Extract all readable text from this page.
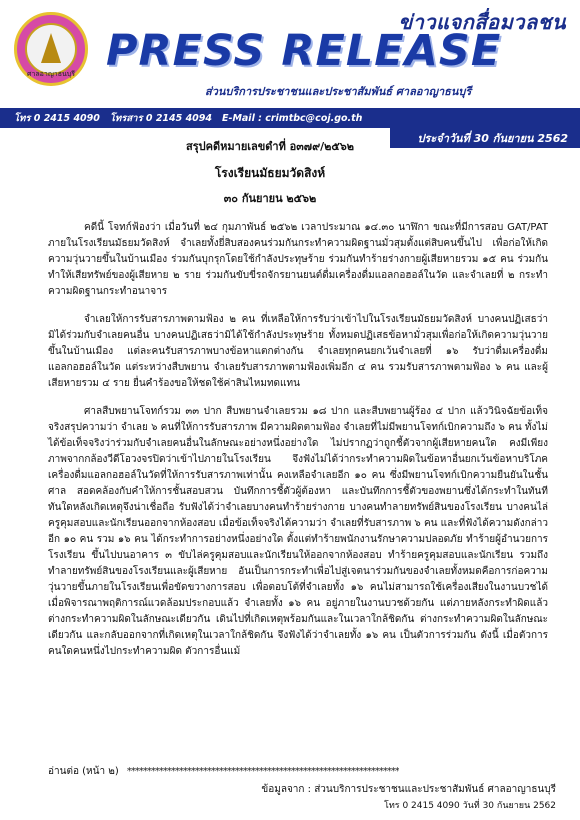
ศาลอาญาธนบุรี
ข่าวแจกสื่อมวลชน
PRESS RELEASE
ส่วนบริการประชาชนและประชาสัมพันธ์ ศาลอาญาธนบุรี
โทร 0 2415 4090 โทรสาร 0 2145 4094 E-Mail : crimtbc@coj.go.th
ประจำวันที่ 30 กันยายน 2562
สรุปคดีหมายเลขดำที่ อ๓๗๙/๒๕๖๒
โรงเรียนมัธยมวัดสิงห์
๓๐ กันยายน ๒๕๖๒

คดีนี้ โจทก์ฟ้องว่า เมื่อวันที่ ๒๔ กุมภาพันธ์ ๒๕๖๒ เวลาประมาณ ๑๔.๓๐ นาฬิกา ขณะที่มีการสอบ GAT/PAT ภายในโรงเรียนมัธยมวัดสิงห์ จำเลยทั้งยี่สิบสองคนร่วมกันกระทำความผิดฐานมั่วสุมตั้งแต่สิบคนขึ้นไป เพื่อก่อให้เกิดความวุ่นวายขึ้นในบ้านเมือง ร่วมกันบุกรุกโดยใช้กำลังประทุษร้าย ร่วมกันทำร้ายร่างกายผู้เสียหายรวม ๑๕ คน ร่วมกันทำให้เสียทรัพย์ของผู้เสียหาย ๒ ราย ร่วมกันขับขี่รถจักรยานยนต์ดื่มเครื่องดื่มแอลกอฮอล์ในวัด และจำเลยที่ ๒ กระทำความผิดฐานกระทำอนาจาร

จำเลยให้การรับสารภาพตามฟ้อง ๒ คน ที่เหลือให้การรับว่าเข้าไปในโรงเรียนมัธยมวัดสิงห์ บางคนปฏิเสธว่ามิได้ร่วมกับจำเลยคนอื่น บางคนปฏิเสธว่ามิได้ใช้กำลังประทุษร้าย ทั้งหมดปฏิเสธข้อหามั่วสุมเพื่อก่อให้เกิดความวุ่นวายขึ้นในบ้านเมือง แต่ละคนรับสารภาพบางข้อหาแตกต่างกัน จำเลยทุกคนยกเว้นจำเลยที่ ๑๖ รับว่าดื่มเครื่องดื่มแอลกอฮอล์ในวัด แต่ระหว่างสืบพยาน จำเลยรับสารภาพตามฟ้องเพิ่มอีก ๔ คน รวมรับสารภาพตามฟ้อง ๖ คน และผู้เสียหายรวม ๔ ราย ยื่นคำร้องขอให้ชดใช้ค่าสินไหมทดแทน

ศาลสืบพยานโจทก์รวม ๓๓ ปาก สืบพยานจำเลยรวม ๑๘ ปาก และสืบพยานผู้ร้อง ๔ ปาก แล้ววินิจฉัยข้อเท็จจริงสรุปความว่า จำเลย ๖ คนที่ให้การรับสารภาพ มีความผิดตามฟ้อง จำเลยที่ไม่มีพยานโจทก์เบิกความถึง ๖ คน ทั้งไม่ได้ข้อเท็จจริงว่าร่วมกับจำเลยคนอื่นในลักษณะอย่างหนึ่งอย่างใด ไม่ปรากฏว่าถูกชี้ตัวจากผู้เสียหายคนใด คงมีเพียงภาพจากกล้องวีดีโอวงจรปิดว่าเข้าไปภายในโรงเรียน จึงฟังไม่ได้ว่ากระทำความผิดในข้อหาอื่นยกเว้นข้อหาบริโภคเครื่องดื่มแอลกอฮอล์ในวัดที่ให้การรับสารภาพเท่านั้น คงเหลือจำเลยอีก ๑๐ คน ซึ่งมีพยานโจทก์เบิกความยืนยันในชั้นศาล สอดคล้องกับคำให้การชั้นสอบสวน บันทึกการชี้ตัวผู้ต้องหา และบันทึกการชี้ตัวของพยานซึ่งได้กระทำในทันทีทันใดหลังเกิดเหตุจึงน่าเชื่อถือ รับฟังได้ว่าจำเลยบางคนทำร้ายร่างกาย บางคนทำลายทรัพย์สินของโรงเรียน บางคนไล่ครูคุมสอบและนักเรียนออกจากห้องสอบ เมื่อข้อเท็จจริงได้ความว่า จำเลยที่รับสารภาพ ๖ คน และที่ฟังได้ความดังกล่าวอีก ๑๐ คน รวม ๑๖ คน ได้กระทำการอย่างหนึ่งอย่างใด ตั้งแต่ทำร้ายพนักงานรักษาความปลอดภัย ทำร้ายผู้อำนวยการโรงเรียน ขึ้นไปบนอาคาร ๓ ขับไล่ครูคุมสอบและนักเรียนให้ออกจากห้องสอบ ทำร้ายครูคุมสอบและนักเรียน รวมถึงทำลายทรัพย์สินของโรงเรียนและผู้เสียหาย อันเป็นการกระทำเพื่อไปสู่เจตนาร่วมกันของจำเลยทั้งหมดคือการก่อความวุ่นวายขึ้นภายในโรงเรียนเพื่อขัดขวางการสอบ เพื่อตอบโต้ที่จำเลยทั้ง ๑๖ คนไม่สามารถใช้เครื่องเสียงในงานบวชได้ เมื่อพิจารณาพฤติการณ์แวดล้อมประกอบแล้ว จำเลยทั้ง ๑๖ คน อยู่ภายในงานบวชด้วยกัน แต่ภายหลังกระทำผิดแล้ว ต่างกระทำความผิดในลักษณะเดียวกัน เดินไปที่เกิดเหตุพร้อมกันและในเวลาใกล้ชิดกัน ต่างกระทำความผิดในลักษณะเดียวกัน และกลับออกจากที่เกิดเหตุในเวลาใกล้ชิดกัน จึงฟังได้ว่าจำเลยทั้ง ๑๖ คน เป็นตัวการร่วมกัน ดังนี้ เมื่อตัวการคนใดคนหนึ่งไปกระทำความผิด ตัวการอื่นแม้

อ่านต่อ (หน้า ๒) ********************************************************************
ข้อมูลจาก : ส่วนบริการประชาชนและประชาสัมพันธ์ ศาลอาญาธนบุรี
โทร 0 2415 4090 วันที่ 30 กันยายน 2562
